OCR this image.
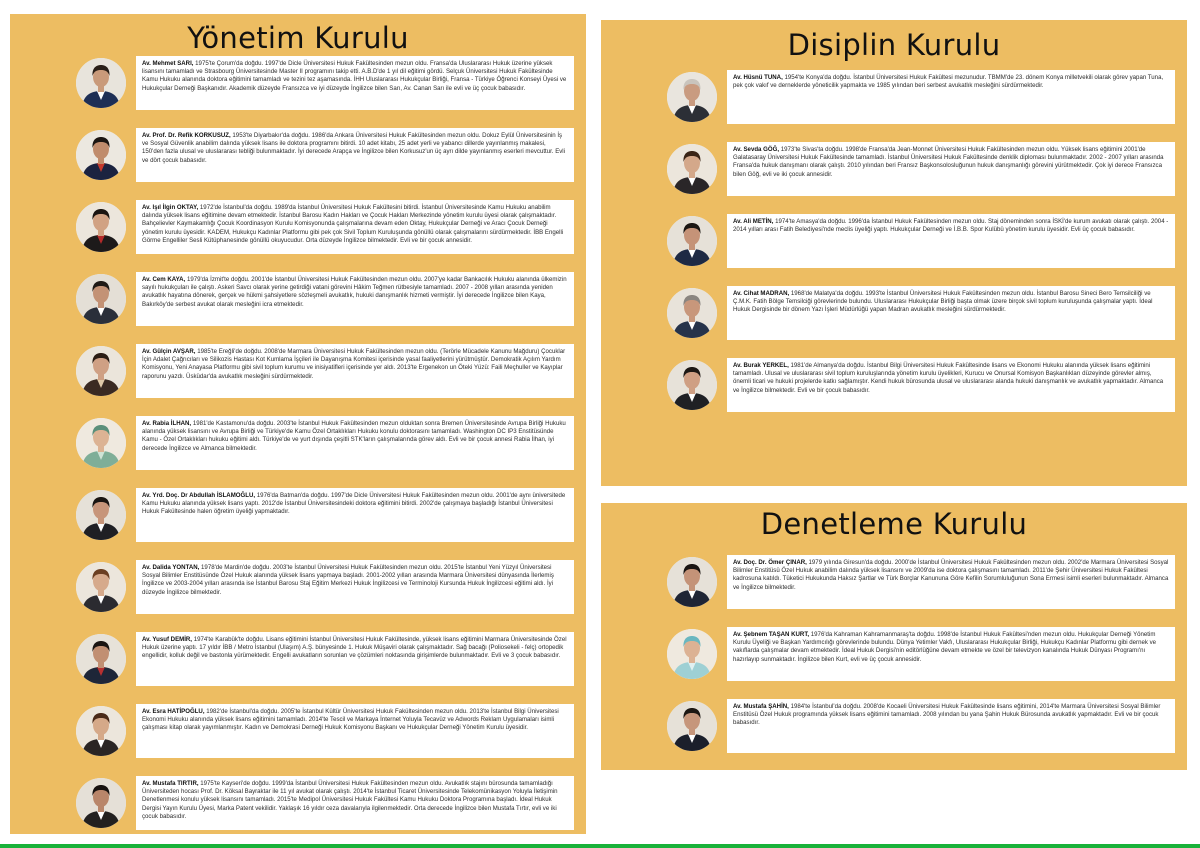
Yönetim Kurulu

Av. Mehmet SARI, 1975'te Çorum'da doğdu. 1997'de Dicle Üniversitesi Hukuk Fakültesinden mezun oldu. Fransa'da Uluslararası Hukuk üzerine yüksek lisansını tamamladı ve Strasbourg Üniversitesinde Master II programını takip etti. A.B.D'de 1 yıl dil eğitimi gördü. Selçuk Üniversitesi Hukuk Fakültesinde Kamu Hukuku alanında doktora eğitimini tamamladı ve tezini tez aşamasında. İHH Uluslararası Hukukçular Birliği, Fransa - Türkiye Öğrenci Konseyi Üyesi ve Hukukçular Derneği Başkanıdır. Akademik düzeyde Fransızca ve iyi düzeyde İngilizce bilen Sarı, Av. Canan Sarı ile evli ve üç çocuk babasıdır.

Av. Prof. Dr. Refik KORKUSUZ, 1953'te Diyarbakır'da doğdu. 1986'da Ankara Üniversitesi Hukuk Fakültesinden mezun oldu. Dokuz Eylül Üniversitesinin İş ve Sosyal Güvenlik anabilim dalında yüksek lisans ile doktora programını bitirdi. 10 adet kitabı, 25 adet yerli ve yabancı dillerde yayınlanmış makalesi, 150'den fazla ulusal ve uluslararası tebliği bulunmaktadır. İyi derecede Arapça ve İngilizce bilen Korkusuz'un üç ayrı dilde yayınlanmış eserleri mevcuttur. Evli ve dört çocuk babasıdır.

Av. Işıl İlgin OKTAY, 1972'de İstanbul'da doğdu. 1989'da İstanbul Üniversitesi Hukuk Fakültesini bitirdi. İstanbul Üniversitesinde Kamu Hukuku anabilim dalında yüksek lisans eğitimine devam etmektedir. İstanbul Barosu Kadın Hakları ve Çocuk Hakları Merkezinde yönetim kurulu üyesi olarak çalışmaktadır. Bahçelievler Kaymakamlığı Çocuk Koordinasyon Kurulu Komisyonunda çalışmalarına devam eden Oktay, Hukukçular Derneği ve Aracı Çocuk Derneği yönetim kurulu üyesidir. KADEM, Hukukçu Kadınlar Platformu gibi pek çok Sivil Toplum Kuruluşunda gönüllü olarak çalışmalarını sürdürmektedir. İBB Engelli Görme Engelliler Sesli Kütüphanesinde gönüllü okuyucudur. Orta düzeyde İngilizce bilmektedir. Evli ve bir çocuk annesidir.

Av. Cem KAYA, 1979'da İzmit'te doğdu. 2001'de İstanbul Üniversitesi Hukuk Fakültesinden mezun oldu. 2007'ye kadar Bankacılık Hukuku alanında ülkemizin sayılı hukukçuları ile çalıştı. Askeri Savcı olarak yerine getirdiği vatani görevini Hâkim Teğmen rütbesiyle tamamladı. 2007 - 2008 yılları arasında yeniden avukatlık hayatına dönerek, gerçek ve hükmi şahsiyetlere sözleşmeli avukatlık, hukuki danışmanlık hizmeti vermiştir. İyi derecede İngilizce bilen Kaya, Bakırköy'de serbest avukat olarak mesleğini icra etmektedir.

Av. Gülçin AVŞAR, 1985'te Ereğli'de doğdu. 2008'de Marmara Üniversitesi Hukuk Fakültesinden mezun oldu. (Terörle Mücadele Kanunu Mağduru) Çocuklar İçin Adalet Çağrıcıları ve Silikozis Hastası Kot Kumlama İşçileri ile Dayanışma Komitesi içerisinde yasal faaliyetlerini yürütmüştür. Demokratik Açılım Yardım Komisyonu, Yeni Anayasa Platformu gibi sivil toplum kurumu ve inisiyatifleri içerisinde yer aldı. 2013'te Ergenekon un Öteki Yüzü: Faili Meçhuller ve Kayıplar raporunu yazdı. Üsküdar'da avukatlık mesleğini sürdürmektedir.

Av. Rabia İLHAN, 1981'de Kastamonu'da doğdu. 2003'te İstanbul Hukuk Fakültesinden mezun olduktan sonra Bremen Üniversitesinde Avrupa Birliği Hukuku alanında yüksek lisansını ve Avrupa Birliği ve Türkiye'de Kamu Özel Ortaklıkları Hukuku konulu doktorasını tamamladı. Washington DC IP3 Enstitüsünde Kamu - Özel Ortaklıkları hukuku eğitimi aldı. Türkiye'de ve yurt dışında çeşitli STK'ların çalışmalarında görev aldı. Evli ve bir çocuk annesi Rabia İlhan, iyi derecede İngilizce ve Almanca bilmektedir.

Av. Yrd. Doç. Dr Abdullah İSLAMOĞLU, 1976'da Batman'da doğdu. 1997'de Dicle Üniversitesi Hukuk Fakültesinden mezun oldu. 2001'de aynı üniversitede Kamu Hukuku alanında yüksek lisans yaptı. 2012'de İstanbul Üniversitesindeki doktora eğitimini bitirdi. 2002'de çalışmaya başladığı İstanbul Üniversitesi Hukuk Fakültesinde halen öğretim üyeliği yapmaktadır.

Av. Dalida YONTAN, 1978'de Mardin'de doğdu. 2003'te İstanbul Üniversitesi Hukuk Fakültesinden mezun oldu. 2015'te İstanbul Yeni Yüzyıl Üniversitesi Sosyal Bilimler Enstitüsünde Özel Hukuk alanında yüksek lisans yapmaya başladı. 2001-2002 yılları arasında Marmara Üniversitesi dünyasında İlerlemiş İngilizce ve 2003-2004 yılları arasında ise İstanbul Barosu Staj Eğitim Merkezi Hukuk İngilizcesi ve Terminoloji Kursunda Hukuk İngilizcesi eğitimi aldı. İyi düzeyde İngilizce bilmektedir.

Av. Yusuf DEMİR, 1974'te Karabük'te doğdu. Lisans eğitimini İstanbul Üniversitesi Hukuk Fakültesinde, yüksek lisans eğitimini Marmara Üniversitesinde Özel Hukuk üzerine yaptı. 17 yıldır İBB / Metro İstanbul (Ulaşım) A.Ş. bünyesinde 1. Hukuk Müşaviri olarak çalışmaktadır. Sağ bacağı (Poliosekeli - felç) ortopedik engellidir, kolluk değil ve bastonla yürümektedir. Engelli avukatların sorunları ve çözümleri noktasında girişimlerde bulunmaktadır. Evli ve 3 çocuk babasıdır.

Av. Esra HATİPOĞLU, 1982'de İstanbul'da doğdu. 2005'te İstanbul Kültür Üniversitesi Hukuk Fakültesinden mezun oldu. 2013'te İstanbul Bilgi Üniversitesi Ekonomi Hukuku alanında yüksek lisans eğitimini tamamladı. 2014'te Tescil ve Markaya İnternet Yoluyla Tecavüz ve Adwords Reklam Uygulamaları isimli çalışması kitap olarak yayımlanmıştır. Kadın ve Demokrasi Derneği Hukuk Komisyonu Başkanı ve Hukukçular Derneği Yönetim Kurulu üyesidir.

Av. Mustafa TIRTIR, 1975'te Kayseri'de doğdu. 1999'da İstanbul Üniversitesi Hukuk Fakültesinden mezun oldu. Avukatlık stajını bürosunda tamamladığı Üniversiteden hocası Prof. Dr. Köksal Bayraktar ile 11 yıl avukat olarak çalıştı. 2014'te İstanbul Ticaret Üniversitesinde Telekomünikasyon Yoluyla İletişimin Denetlenmesi konulu yüksek lisansını tamamladı. 2015'te Medipol Üniversitesi Hukuk Fakültesi Kamu Hukuku Doktora Programına başladı. İdeal Hukuk Dergisi Yayın Kurulu Üyesi, Marka Patent vekilidir. Yaklaşık 16 yıldır ceza davalarıyla ilgilenmektedir. Orta derecede İngilizce bilen Mustafa Tırtır, evli ve iki çocuk babasıdır.

Disiplin Kurulu

Av. Hüsnü TUNA, 1954'te Konya'da doğdu. İstanbul Üniversitesi Hukuk Fakültesi mezunudur. TBMM'de 23. dönem Konya milletvekili olarak görev yapan Tuna, pek çok vakıf ve derneklerde yöneticilik yapmakta ve 1985 yılından beri serbest avukatlık mesleğini sürdürmektedir.

Av. Sevda GÖĞ, 1973'te Sivas'ta doğdu. 1998'de Fransa'da Jean-Monnet Üniversitesi Hukuk Fakültesinden mezun oldu. Yüksek lisans eğitimini 2001'de Galatasaray Üniversitesi Hukuk Fakültesinde tamamladı. İstanbul Üniversitesi Hukuk Fakültesinde denklik diploması bulunmaktadır. 2002 - 2007 yılları arasında Fransa'da hukuk danışmanı olarak çalıştı. 2010 yılından beri Fransız Başkonsolosluğunun hukuk danışmanlığı görevini yürütmektedir. Çok iyi derece Fransızca bilen Göğ, evli ve iki çocuk annesidir.

Av. Ali METİN, 1974'te Amasya'da doğdu. 1996'da İstanbul Hukuk Fakültesinden mezun oldu. Staj döneminden sonra İSKİ'de kurum avukatı olarak çalıştı. 2004 - 2014 yılları arası Fatih Belediyesi'nde meclis üyeliği yaptı. Hukukçular Derneği ve İ.B.B. Spor Kulübü yönetim kurulu üyesidir. Evli üç çocuk babasıdır.

Av. Cihat MADRAN, 1968'de Malatya'da doğdu. 1993'te İstanbul Üniversitesi Hukuk Fakültesinden mezun oldu. İstanbul Barosu Sineci Bero Temsilciliği ve Ç.M.K. Fatih Bölge Temsilciği görevlerinde bulundu. Uluslararası Hukukçular Birliği başta olmak üzere birçok sivil toplum kuruluşunda çalışmalar yaptı. İdeal Hukuk Dergisinde bir dönem Yazı İşleri Müdürlüğü yapan Madran avukatlık mesleğini sürdürmektedir.

Av. Burak YERKEL, 1981'de Almanya'da doğdu. İstanbul Bilgi Üniversitesi Hukuk Fakültesinde lisans ve Ekonomi Hukuku alanında yüksek lisans eğitimini tamamladı. Ulusal ve uluslararası sivil toplum kuruluşlarında yönetim kurulu üyelikleri, Kurucu ve Onursal Komisyon Başkanlıkları düzeyinde görevler almış, önemli ticari ve hukuki projelerde katkı sağlamıştır. Kendi hukuk bürosunda ulusal ve uluslararası alanda hukuki danışmanlık ve avukatlık yapmaktadır. Almanca ve İngilizce bilmektedir. Evli ve bir çocuk babasıdır.

Denetleme Kurulu

Av. Doç. Dr. Ömer ÇINAR, 1979 yılında Giresun'da doğdu. 2000'de İstanbul Üniversitesi Hukuk Fakültesinden mezun oldu. 2002'de Marmara Üniversitesi Sosyal Bilimler Enstitüsü Özel Hukuk anabilim dalında yüksek lisansını ve 2009'da ise doktora çalışmasını tamamladı. 2011'de Şehir Üniversitesi Hukuk Fakültesi kadrosuna katıldı. Tüketici Hukukunda Haksız Şartlar ve Türk Borçlar Kanununa Göre Kefilin Sorumluluğunun Sona Ermesi isimli eserleri bulunmaktadır. Almanca ve İngilizce bilmektedir.

Av. Şebnem TAŞAN KURT, 1976'da Kahraman Kahramanmaraş'ta doğdu. 1998'de İstanbul Hukuk Fakültesi'nden mezun oldu. Hukukçular Derneği Yönetim Kurulu Üyeliği ve Başkan Yardımcılığı görevlerinde bulundu. Dünya Yetimler Vakfı, Uluslararası Hukukçular Birliği, Hukukçu Kadınlar Platformu gibi dernek ve vakıflarda çalışmalar devam etmektedir. İdeal Hukuk Dergisi'nin editörlüğüne devam etmekte ve özel bir televizyon kanalında Hukuk Dünyası Programı'nı hazırlayıp sunmaktadır. İngilizce bilen Kurt, evli ve üç çocuk annesidir.

Av. Mustafa ŞAHİN, 1984'te İstanbul'da doğdu. 2008'de Kocaeli Üniversitesi Hukuk Fakültesinde lisans eğitimini, 2014'te Marmara Üniversitesi Sosyal Bilimler Enstitüsü Özel Hukuk programında yüksek lisans eğitimini tamamladı. 2008 yılından bu yana Şahin Hukuk Bürosunda avukatlık yapmaktadır. Evli ve bir çocuk babasıdır.
